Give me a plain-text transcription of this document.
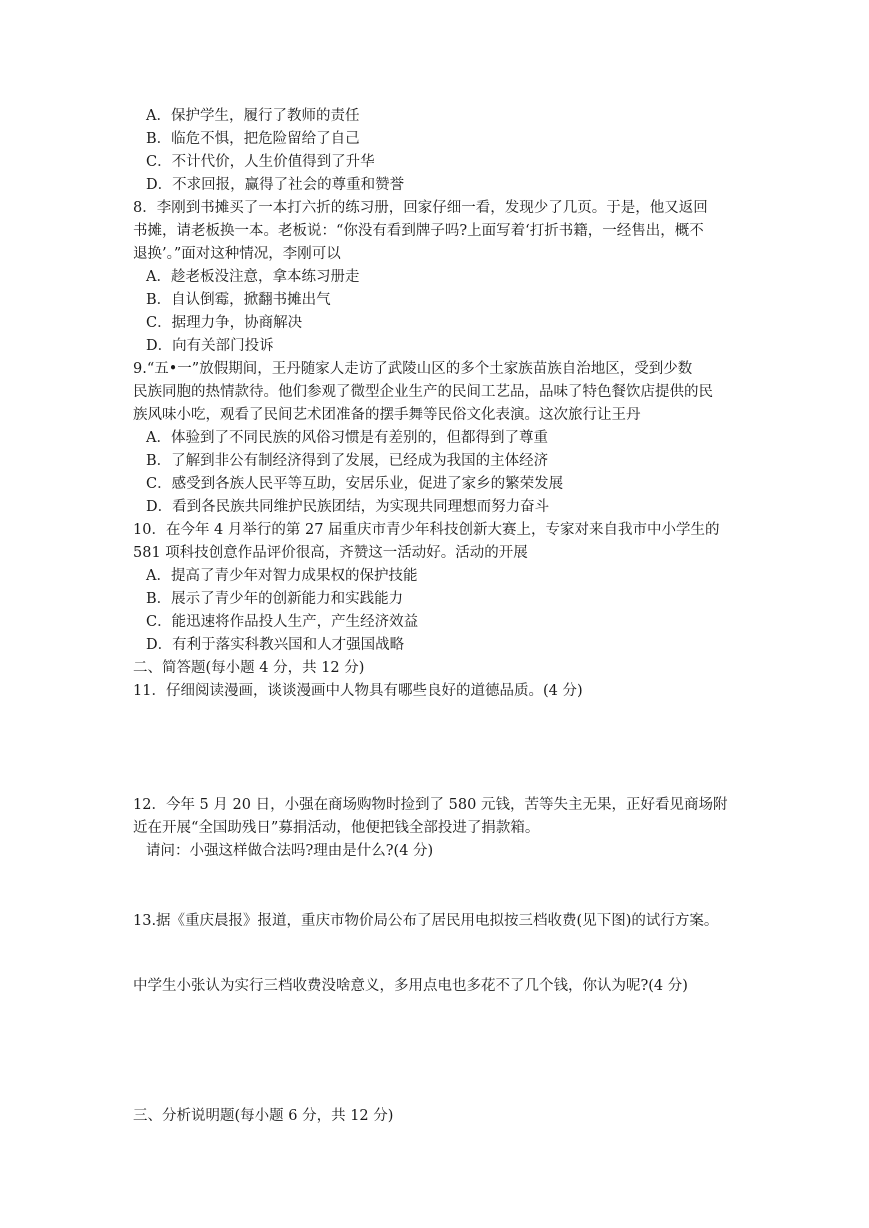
A．保护学生，履行了教师的责任

B．临危不惧，把危险留给了自己

C．不计代价，人生价值得到了升华

D．不求回报，赢得了社会的尊重和赞誉

8．李刚到书摊买了一本打六折的练习册，回家仔细一看，发现少了几页。于是，他又返回

书摊，请老板换一本。老板说：“你没有看到牌子吗?上面写着‘打折书籍，一经售出，概不

退换’。”面对这种情况，李刚可以

A．趁老板没注意，拿本练习册走

B．自认倒霉，掀翻书摊出气

C．据理力争，协商解决

D．向有关部门投诉

9.“五•一”放假期间，王丹随家人走访了武陵山区的多个土家族苗族自治地区，受到少数

民族同胞的热情款待。他们参观了微型企业生产的民间工艺品，品味了特色餐饮店提供的民

族风味小吃，观看了民间艺术团准备的摆手舞等民俗文化表演。这次旅行让王丹

A．体验到了不同民族的风俗习惯是有差别的，但都得到了尊重

B．了解到非公有制经济得到了发展，已经成为我国的主体经济

C．感受到各族人民平等互助，安居乐业，促进了家乡的繁荣发展

D．看到各民族共同维护民族团结，为实现共同理想而努力奋斗

10．在今年 4 月举行的第 27 届重庆市青少年科技创新大赛上，专家对来自我市中小学生的

581 项科技创意作品评价很高，齐赞这一活动好。活动的开展

A．提高了青少年对智力成果权的保护技能

B．展示了青少年的创新能力和实践能力

C．能迅速将作品投人生产，产生经济效益

D．有利于落实科教兴国和人才强国战略

二、简答题(每小题 4 分，共 12 分)

11．仔细阅读漫画，谈谈漫画中人物具有哪些良好的道德品质。(4 分)

12．今年 5 月 20 日，小强在商场购物时捡到了 580 元钱，苦等失主无果，正好看见商场附

近在开展“全国助残日”募捐活动，他便把钱全部投进了捐款箱。

请问：小强这样做合法吗?理由是什么?(4 分)

13.据《重庆晨报》报道，重庆市物价局公布了居民用电拟按三档收费(见下图)的试行方案。

中学生小张认为实行三档收费没啥意义，多用点电也多花不了几个钱，你认为呢?(4 分)

三、分析说明题(每小题 6 分，共 12 分)
